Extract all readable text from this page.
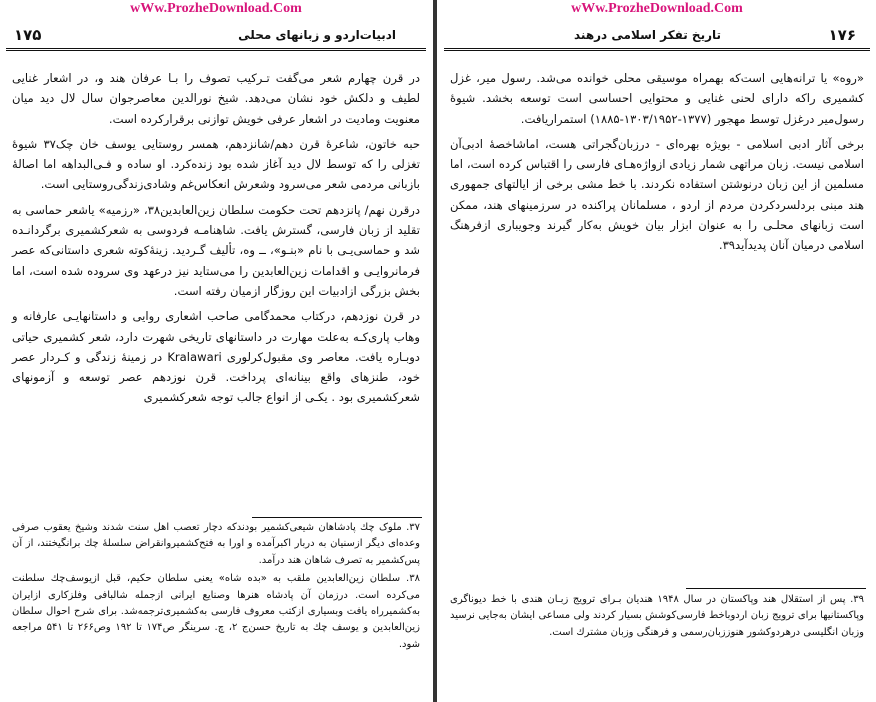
wWw.ProzheDownload.Com
۱۷۵	ادبیات‌اردو و زبانهای محلی

در قرن چهارم شعر می‌گفت تـرکیب تصوف را بـا عرفان هند و، در اشعار غنایی لطیف و دلکش خود نشان می‌دهد. شیخ نورالدین معاصرجوان سال لال دید میان معنویت ومادیت در اشعار عرفی خویش توازنی برقرارکرده است.

حبه خاتون، شاعرهٔ قرن دهم/شانزدهم، همسر روستایی یوسف خان چک۳۷ شیوهٔ تغزلی را که توسط لال دید آغاز شده بود زنده‌کرد. او ساده و فـی‌البداهه اما اصالهٔ بازبانی مردمی شعر می‌سرود وشعرش انعکاس‌غم وشادی‌زندگی‌روستایی است.

درقرن نهم/ پانزدهم تحت حکومت سلطان زین‌العابدین۳۸، «رزمیه» یاشعر حماسی به تقلید از زبان فارسی، گسترش یافت. شاهنامـه فردوسی به شعرکشمیری برگردانـده شد و حماسی‌یـی با نام «بنـو»، ــ وه، تألیف گـردید. زینهٔ‌کوته‌ شعری داستانی‌که عصر فرمانروایـی و اقدامات زین‌العابدین را می‌ستاید نیز درعهد وی سروده شده است، اما بخش بزرگی ازادبیات این روزگار ازمیان رفته است.

در قرن نوزدهم، درکتاب محمدگامی صاحب اشعاری روایی و داستانهایـی عارفانه و وهاب پاری‌کـه به‌علت مهارت در داستانهای تاریخی شهرت دارد، شعر کشمیری حیاتی دوبـاره یافت. معاصر وی مقبول‌کرلوری Kralawari در زمینهٔ زندگی و کـردار عصر خود، طنزهای واقع بینانه‌ای پرداخت. قرن نوزدهم عصر توسعه و آزمونهای شعرکشمیری بود . یکـی از انواع جالب توجه شعرکشمیری

۳۷. ملوک چك پادشاهان شیعی‌کشمیر بودندکه دچار تعصب اهل سنت شدند وشیخ یعقوب صرفی وعده‌ای دیگر ازسنیان به دربار اکبرآمده و اورا به فتح‌کشمیروانقراض سلسلهٔ چك برانگیختند، از آن پس‌کشمیر به تصرف شاهان هند درآمد.

۳۸. سلطان زین‌العابدین ملقب به «بده شاه» یعنی سلطان حکیم، قبل ازیوسف‌چك سلطنت می‌کرده است. درزمان آن پادشاه هنرها وصنایع ایرانی ازجمله شالبافی وفلز‌کاری ازایران به‌کشمیرراه یافت وبسیاری ازکتب معروف فارسی به‌کشمیری‌ترجمه‌شد. برای شرح احوال سلطان زین‌العابدین و یوسف چك به تاریخ حسن‌ج ۲، چ. سرینگر ص۱۷۴ تا ۱۹۲ وص۲۶۶ تا ۵۴۱ مراجعه شود.

wWw.ProzheDownload.Com
۱۷۶
تاریخ تفکر اسلامی درهند

«روه» یا ترانه‌هایی است‌که بهمراه موسیقی محلی خوانده می‌شد. رسول میر، غزل کشمیری راکه دارای لحنی غنایی و محتوایی احساسی است توسعه بخشد. شیوهٔ رسول‌میر درغزل توسط مهجور (۱۳۷۷-۱۳۰۳/۱۹۵۲-۱۸۸۵) استمراریافت.

برخی آثار ادبی اسلامی - بویژه بهره‌ای - درزبان‌گجراتی هست، اماشاخصهٔ ادبی‌آن اسلامی نیست. زبان مراتهی شمار زیادی ازواژه‌هـای فارسی را اقتباس کرده است، اما مسلمین از این زبان درنوشتن استفاده نکردند. با خط مشی برخی از ایالتهای جمهوری هند مبنی بردلسردکردن مردم از اردو ، مسلمانان پراکنده در سرزمینهای هند، ممکن است زبانهای محلـی را به عنوان ابزار بیان خویش به‌کار گیرند وجویباری ازفرهنگ اسلامی درمیان آنان پدیدآید۳۹.

۳۹. پس از استقلال هند وپاکستان در سال ۱۹۴۸ هندیان بـرای ترویج زبـان هندی با خط دیوناگری وپاکستانیها برای ترویج زبان اردوباخط فارسی‌کوشش بسیار کردند ولی مساعی ایشان به‌جایی نرسید وزبان انگلیسی درهردوکشور هنوززبان‌رسمی و فرهنگی وزبان مشترك است.
